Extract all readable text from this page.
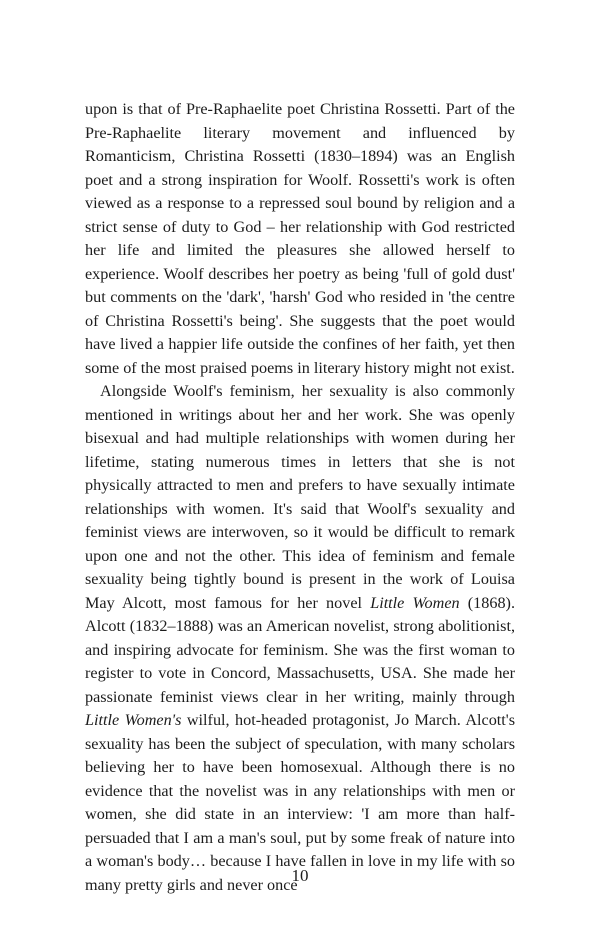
upon is that of Pre-Raphaelite poet Christina Rossetti. Part of the Pre-Raphaelite literary movement and influenced by Romanticism, Christina Rossetti (1830–1894) was an English poet and a strong inspiration for Woolf. Rossetti's work is often viewed as a response to a repressed soul bound by religion and a strict sense of duty to God – her relationship with God restricted her life and limited the pleasures she allowed herself to experience. Woolf describes her poetry as being 'full of gold dust' but comments on the 'dark', 'harsh' God who resided in 'the centre of Christina Rossetti's being'. She suggests that the poet would have lived a happier life outside the confines of her faith, yet then some of the most praised poems in literary history might not exist.

Alongside Woolf's feminism, her sexuality is also commonly mentioned in writings about her and her work. She was openly bisexual and had multiple relationships with women during her lifetime, stating numerous times in letters that she is not physically attracted to men and prefers to have sexually intimate relationships with women. It's said that Woolf's sexuality and feminist views are interwoven, so it would be difficult to remark upon one and not the other. This idea of feminism and female sexuality being tightly bound is present in the work of Louisa May Alcott, most famous for her novel Little Women (1868). Alcott (1832–1888) was an American novelist, strong abolitionist, and inspiring advocate for feminism. She was the first woman to register to vote in Concord, Massachusetts, USA. She made her passionate feminist views clear in her writing, mainly through Little Women's wilful, hot-headed protagonist, Jo March. Alcott's sexuality has been the subject of speculation, with many scholars believing her to have been homosexual. Although there is no evidence that the novelist was in any relationships with men or women, she did state in an interview: 'I am more than half-persuaded that I am a man's soul, put by some freak of nature into a woman's body… because I have fallen in love in my life with so many pretty girls and never once

10
